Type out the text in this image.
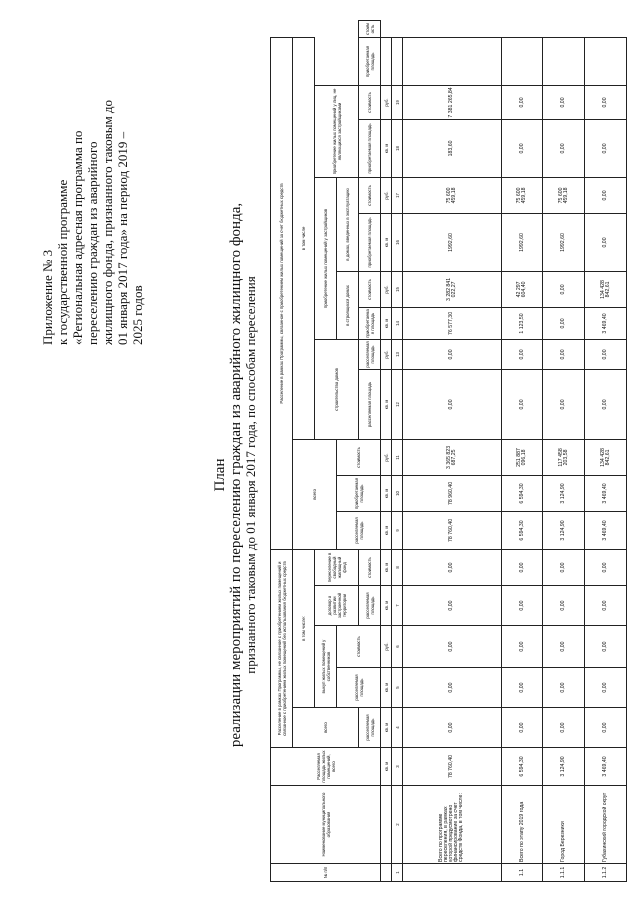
Приложение № 3 к государственной программе «Региональная адресная программа по переселению граждан из аварийного жилищного фонда, признанного таковым до 01 января 2017 года» на период 2019 – 2025 годов
План реализации мероприятий по переселению граждан из аварийного жилищного фонда, признанного таковым до 01 января 2017 года, по способам переселения
№ п/п	Наименование муниципального образования	Расселяемая площадь жилых помещений, всего	Расселение в рамках Программы, не связанное с приобретением жилых помещений и связанное с приобретением жилых помещений без использования бюджетных средств					Расселение в рамках Программы, связанное с приобретением жилых помещений за счет бюджетных средств												
			всего	в том числе:				всего			в том числе									
				выкуп жилых помещений у собственников		договор о развитии застроенной территории	переселение в свободный жилищный фонд				строительство домов		приобретение жилых помещений у застройщиков				приобретение жилых помещений у лиц, не являющихся застройщиками			
				расселяемая площадь	стоимость			расселяемая площадь	приобретаемая площадь	стоимость			в строящихся домах		в домах, введенных в эксплуатацию					
			расселяемая площадь			расселяемая площадь	стоимость				расселяемая площадь	расселяемая площадь	приобретаемая площадь	стоимость	приобретаемая площадь	стоимость	приобретаемая площадь	стоимость	приобретаемая площадь	стоимость
		кв. м	кв. м	кв. м	руб.	кв. м	кв. м	кв. м	кв. м	руб.	кв. м	руб.	кв. м	руб.	кв. м	руб.	кв. м	руб.		
1	2	3	4	5	6	7	8	9	10	11	12	13	14	15	16	17	18	19		
	Всего по программе переселения, в рамках которой предусмотрено финансирование за счет средств Фонда, в том числе:	78 760,40	0,00	0,00	0,00	0,00	0,00	78 760,40	78 960,40	3 365 823 687,25	0,00	0,00	76 577,30	3 282 841 022,27	1992,60	75 600 459,18	183,60	7 381 265,84		
1.1	Всего по этапу 2019 года	6 594,30	0,00	0,00	0,00	0,00	0,00	6 594,30	6 594,30	251 887 096,18	0,00	0,00	1 123,50	42 297 604,40	1992,60	75 600 459,18	0,00	0,00		
1.1.1	Город Березники	3 124,90	0,00	0,00	0,00	0,00	0,00	3 124,90	3 124,90	117 458 203,58	0,00	0,00	0,00	0,00	1992,60	75 600 459,18	0,00	0,00		
1.1.2	Губахинский городской округ	3 469,40	0,00	0,00	0,00	0,00	0,00	3 469,40	3 469,40	134 428 842,61	0,00	0,00	3 469,40	134 428 842,61	0,00	0,00	0,00	0,00		
